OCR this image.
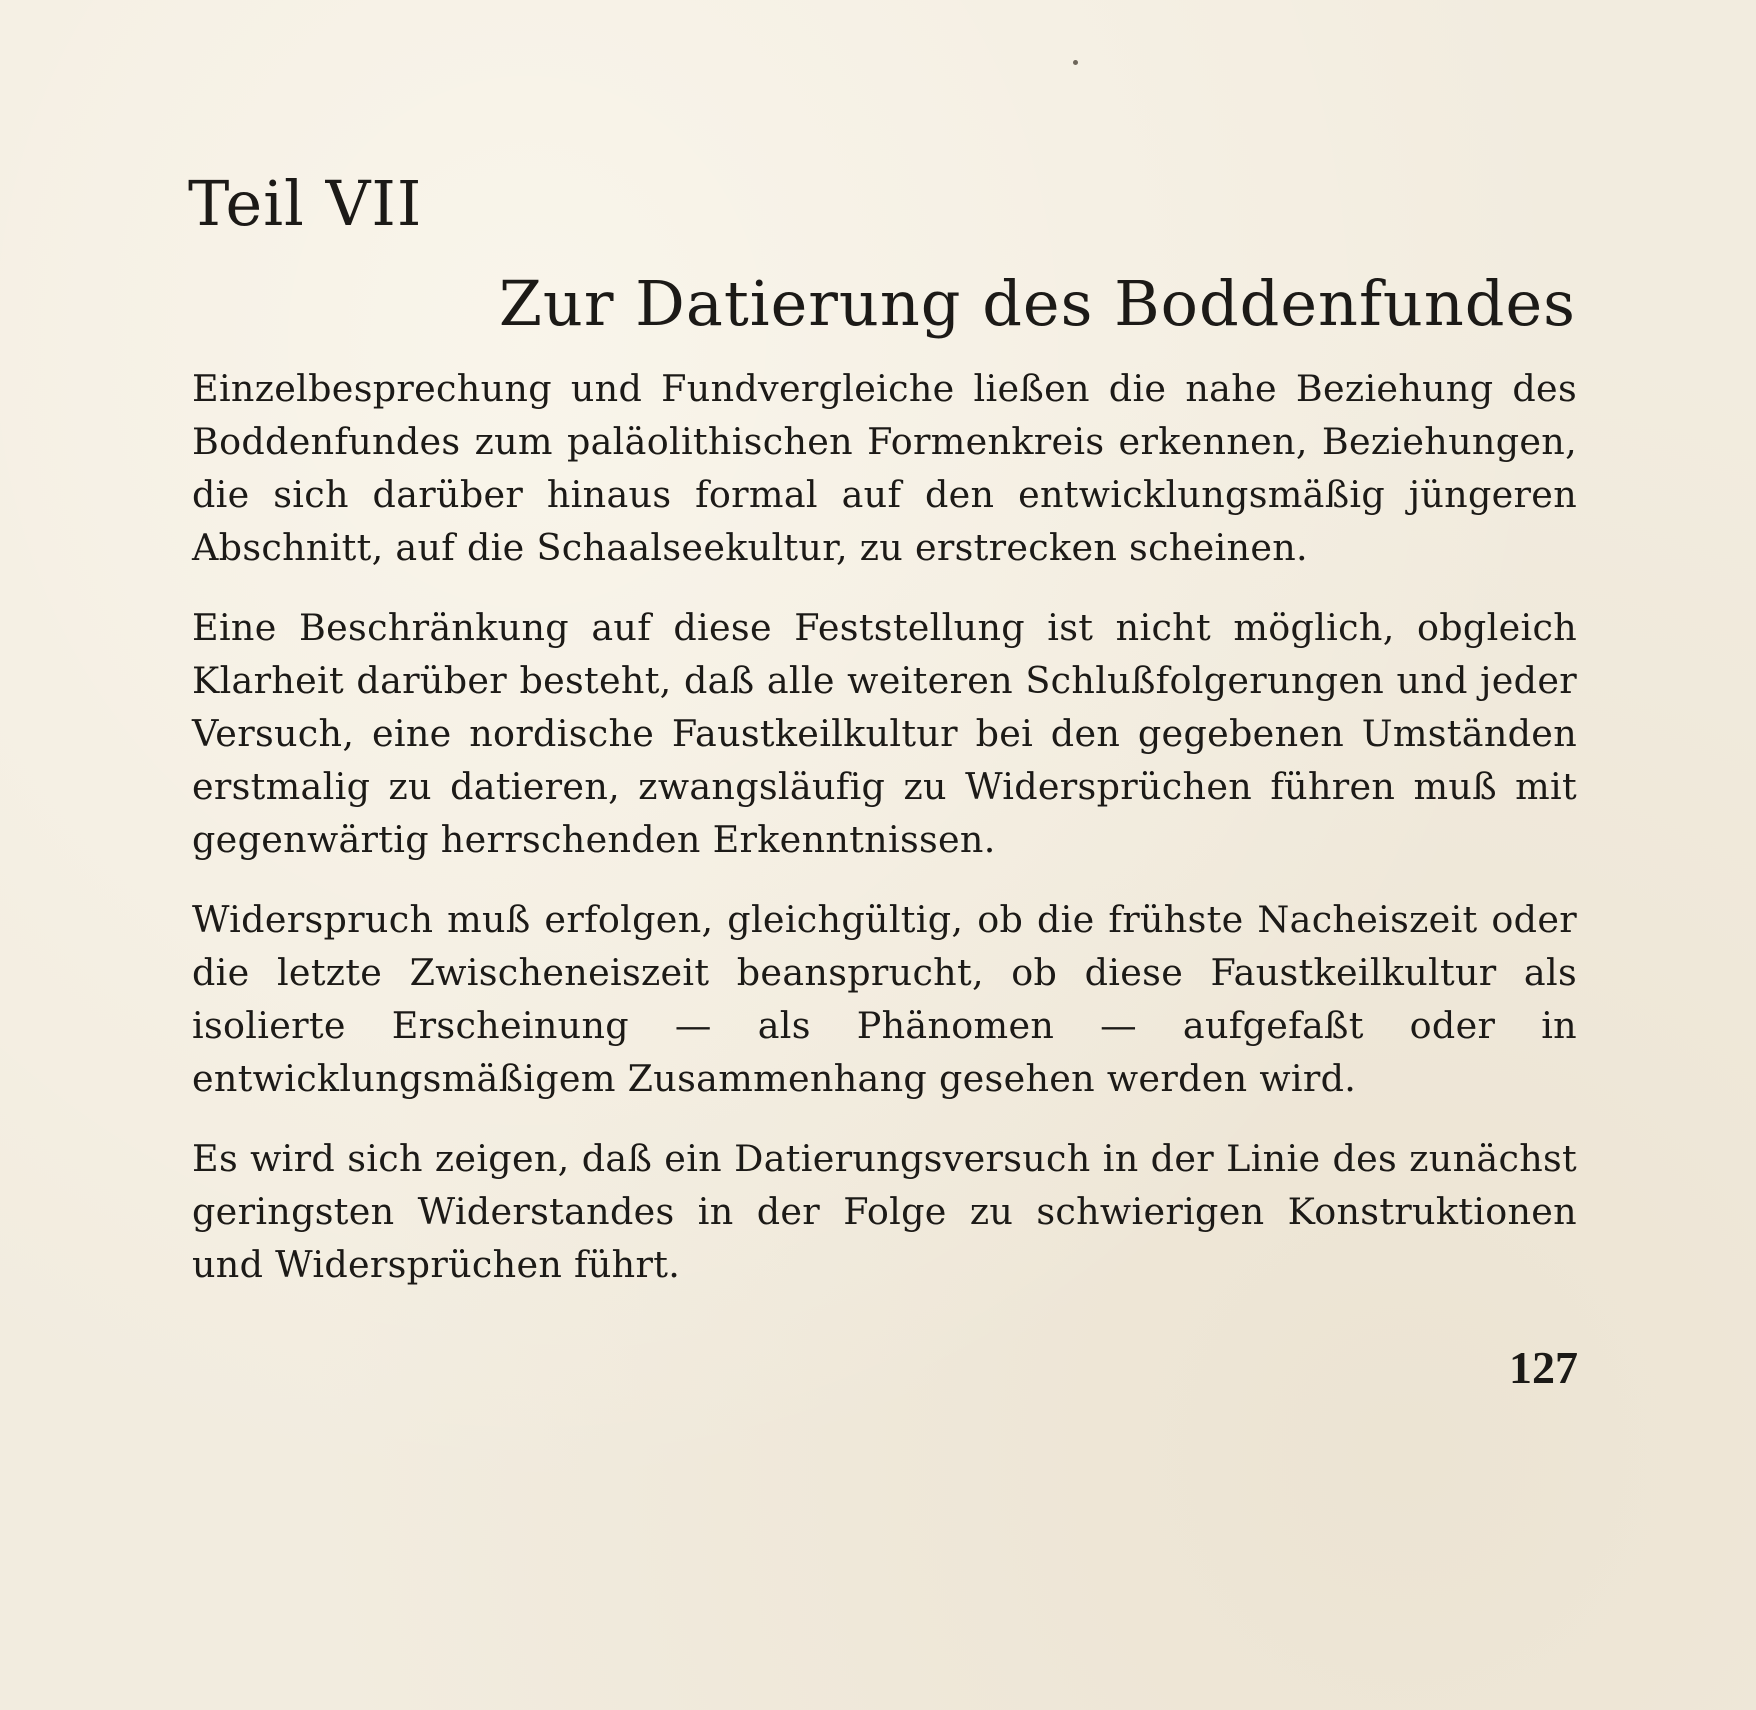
Teil VII
Zur Datierung des Boddenfundes

Einzelbesprechung und Fundvergleiche ließen die nahe Beziehung des Boddenfundes zum paläolithischen Formenkreis erkennen, Beziehungen, die sich darüber hinaus formal auf den entwicklungsmäßig jüngeren Abschnitt, auf die Schaalseekultur, zu erstrecken scheinen.

Eine Beschränkung auf diese Feststellung ist nicht möglich, obgleich Klarheit darüber besteht, daß alle weiteren Schlußfolgerungen und jeder Versuch, eine nordische Faustkeilkultur bei den gegebenen Umständen erstmalig zu datieren, zwangsläufig zu Widersprüchen führen muß mit gegenwärtig herrschenden Erkenntnissen.

Widerspruch muß erfolgen, gleichgültig, ob die frühste Nacheiszeit oder die letzte Zwischeneiszeit beansprucht, ob diese Faustkeilkultur als isolierte Erscheinung — als Phänomen — aufgefaßt oder in entwicklungsmäßigem Zusammenhang gesehen werden wird.

Es wird sich zeigen, daß ein Datierungsversuch in der Linie des zunächst geringsten Widerstandes in der Folge zu schwierigen Konstruktionen und Widersprüchen führt.

127
